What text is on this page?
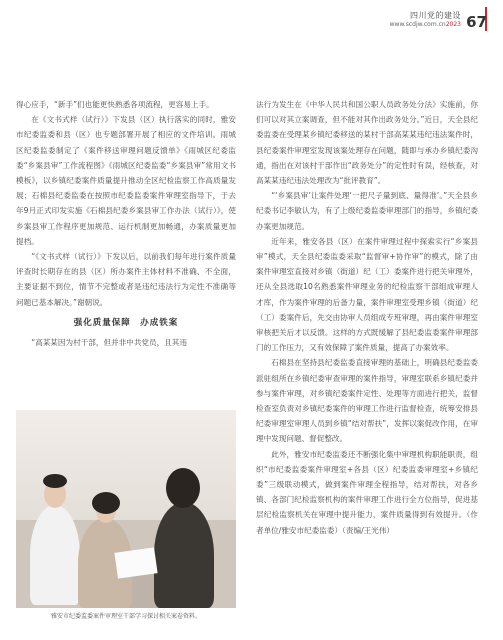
四川党的建设
www.scdjw.com.cn2023 67

得心应手，“新手”们也能更快熟悉各项流程，更容易上手。

在《文书式样（试行）》下发县（区）执行落实的同时，雅安市纪委监委和县（区）也专题部署开展了相应的文件培训。雨城区纪委监委制定了《案件移送审理问题反馈单》《雨城区纪委监委“乡案县审”工作流程图》《雨城区纪委监委“乡案县审”常用文书模板》，以乡镇纪委案件质量提升推动全区纪检监察工作高质量发展；石棉县纪委监委在按照市纪委监委案件审理室指导下，于去年9月正式印发实施《石棉县纪委乡案县审工作办法（试行）》，使乡案县审工作程序更加规范、运行机制更加畅通，办案质量更加提档。

“《文书式样（试行）》下发以后，以前我们每年进行案件质量评查时长期存在的县（区）所办案件主体材料不准确、不全面，主要证据不到位，情节不完整或者是违纪违法行为定性不准确等问题已基本解决。”谢朝说。

强化质量保障　办成铁案

“高某某因为村干部，但并非中共党员，且其违

雅安市纪委监委案件审理室干部学习探讨相关案卷资料。

法行为发生在《中华人民共和国公职人员政务处分法》实施前，你们可以对其立案调查，但不能对其作出政务处分。”近日，天全县纪委监委在受理某乡镇纪委移送的某村干部高某某违纪违法案件时，县纪委案件审理室发现该案处理存在问题，随即与承办乡镇纪委沟通，指出在对该村干部作出“政务处分”的定性时有误，经核查，对高某某违纪违法处理改为“批评教育”。

“‘乡案县审’让案件处理‘一把尺子量到底、量得准’。”天全县乡纪委书记李敏认为，有了上级纪委监委审理部门的指导，乡镇纪委办案更加规范。

近年来，雅安各县（区）在案件审理过程中探索实行“乡案县审”模式，天全县纪委监委采取“监督审+协作审”的模式，除了由案件审理室直接对乡镇（街道）纪（工）委案件进行把关审理外，还从全县选取10名熟悉案件审理业务的纪检监察干部组成审理人才库，作为案件审理的后备力量，案件审理室受理乡镇（街道）纪（工）委案件后，先交由协审人员组成专班审理，再由案件审理室审核把关后才以反馈。这样的方式既缓解了县纪委监委案件审理部门的工作压力，又有效保障了案件质量，提高了办案效率。

石棉县在坚持县纪委监委直接审理的基础上，明确县纪委监委派驻组所在乡镇纪委审查审理的案件指导，审理室联系乡镇纪委并参与案件审理，对乡镇纪委案件定性、处理等方面进行把关，监督检查室负责对乡镇纪委案件的审理工作进行监督检查，统筹安排县纪委审理室审理人员到乡镇“结对帮扶”，发挥以案促改作用，在审理中发现问题、督促整改。

此外，雅安市纪委监委还不断强化集中审理机构职能职责，组织“市纪委监委案件审理室+各县（区）纪委监委审理室+乡镇纪委”三级联动模式，做到案件审理全程指导，结对帮扶，对各乡镇、各部门纪检监察机构的案件审理工作进行全方位指导，促进基层纪检监察机关在审理中提升能力，案件质量得到有效提升。（作者单位/雅安市纪委监委）（责编/王光伟）
